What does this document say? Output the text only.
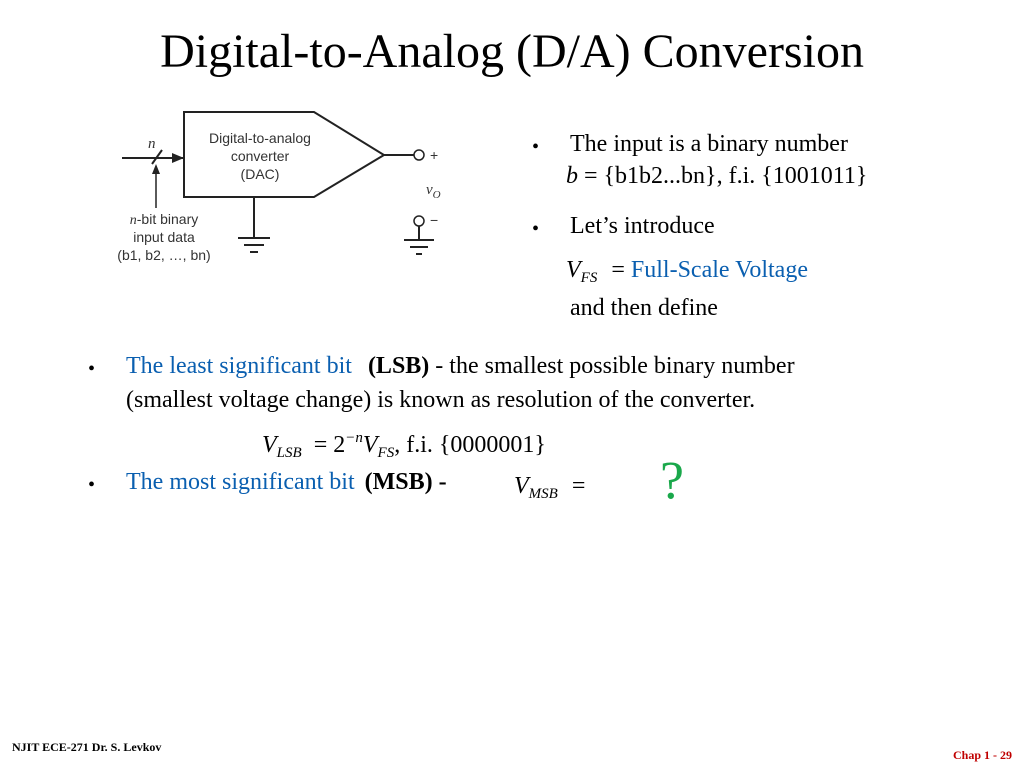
Digital-to-Analog (D/A) Conversion
Digital-to-analog
converter
(DAC)
+
$v_O$
−
n
n-bit binary
input data
(b1, b2, …, bn)
• The input is a binary number
b = {b1b2...bn}, f.i. {1001011}
• Let’s introduce
$V_{FS}$ = Full-Scale Voltage
and then define
• The least significant bit (LSB) - the smallest possible binary number
(smallest voltage change) is known as resolution of the converter.
$V_{LSB} = 2^{-n}V_{FS}$, f.i. {0000001}
• The most significant bit (MSB) -	$V_{MSB}$ = ?
NJIT ECE-271 Dr. S. Levkov
Chap 1 - 29
